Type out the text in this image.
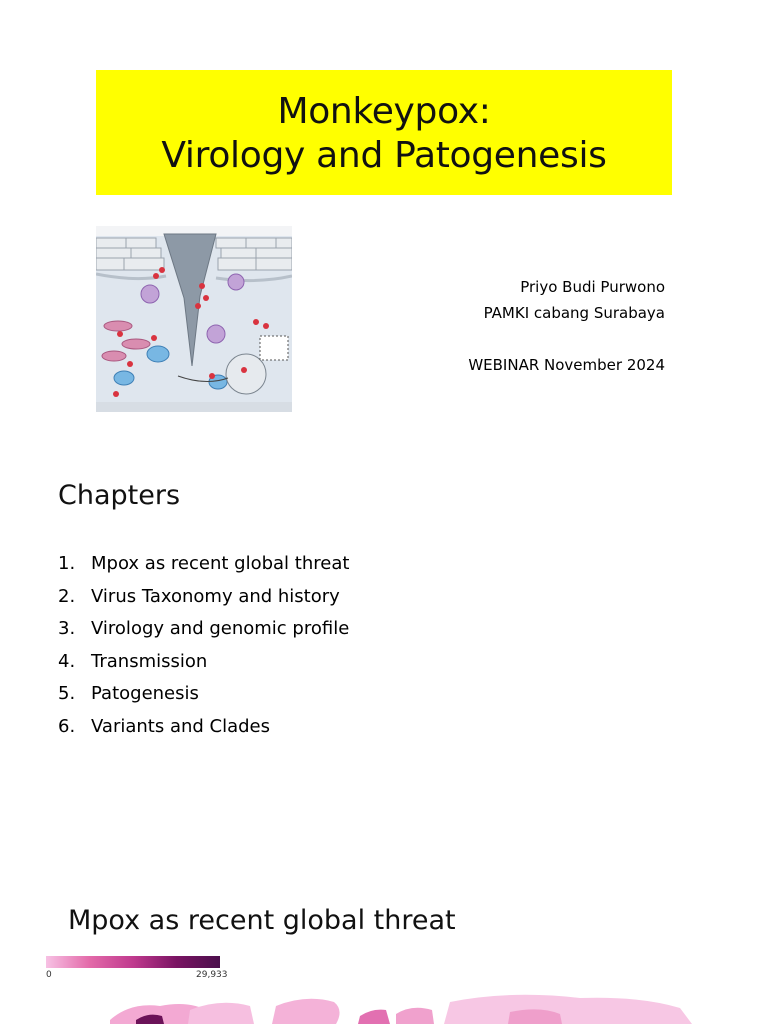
Monkeypox:
Virology and Patogenesis
Priyo Budi Purwono
PAMKI cabang Surabaya
WEBINAR November 2024
Chapters
1. Mpox as recent global threat
2. Virus Taxonomy and history
3. Virology and genomic profile
4. Transmission
5. Patogenesis
6. Variants and Clades
Mpox as recent global threat
0	29,933
